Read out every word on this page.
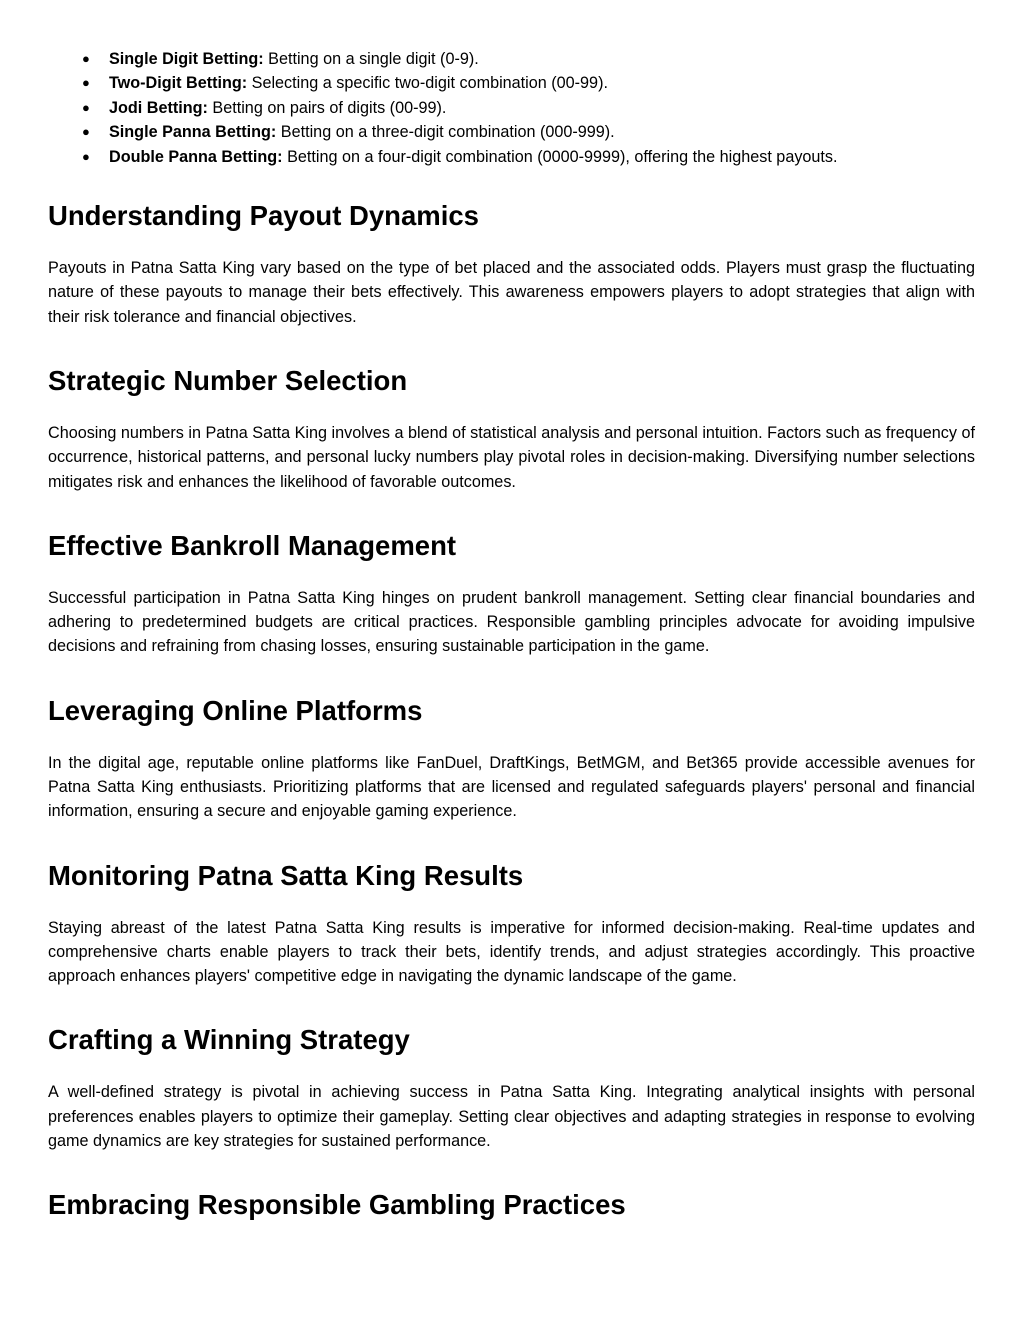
● Single Digit Betting: Betting on a single digit (0-9).
● Two-Digit Betting: Selecting a specific two-digit combination (00-99).
● Jodi Betting: Betting on pairs of digits (00-99).
● Single Panna Betting: Betting on a three-digit combination (000-999).
● Double Panna Betting: Betting on a four-digit combination (0000-9999), offering the highest payouts.
Understanding Payout Dynamics

Payouts in Patna Satta King vary based on the type of bet placed and the associated odds. Players must grasp the fluctuating nature of these payouts to manage their bets effectively. This awareness empowers players to adopt strategies that align with their risk tolerance and financial objectives.

Strategic Number Selection

Choosing numbers in Patna Satta King involves a blend of statistical analysis and personal intuition. Factors such as frequency of occurrence, historical patterns, and personal lucky numbers play pivotal roles in decision-making. Diversifying number selections mitigates risk and enhances the likelihood of favorable outcomes.

Effective Bankroll Management

Successful participation in Patna Satta King hinges on prudent bankroll management. Setting clear financial boundaries and adhering to predetermined budgets are critical practices. Responsible gambling principles advocate for avoiding impulsive decisions and refraining from chasing losses, ensuring sustainable participation in the game.

Leveraging Online Platforms

In the digital age, reputable online platforms like FanDuel, DraftKings, BetMGM, and Bet365 provide accessible avenues for Patna Satta King enthusiasts. Prioritizing platforms that are licensed and regulated safeguards players' personal and financial information, ensuring a secure and enjoyable gaming experience.

Monitoring Patna Satta King Results

Staying abreast of the latest Patna Satta King results is imperative for informed decision-making. Real-time updates and comprehensive charts enable players to track their bets, identify trends, and adjust strategies accordingly. This proactive approach enhances players' competitive edge in navigating the dynamic landscape of the game.

Crafting a Winning Strategy

A well-defined strategy is pivotal in achieving success in Patna Satta King. Integrating analytical insights with personal preferences enables players to optimize their gameplay. Setting clear objectives and adapting strategies in response to evolving game dynamics are key strategies for sustained performance.

Embracing Responsible Gambling Practices
